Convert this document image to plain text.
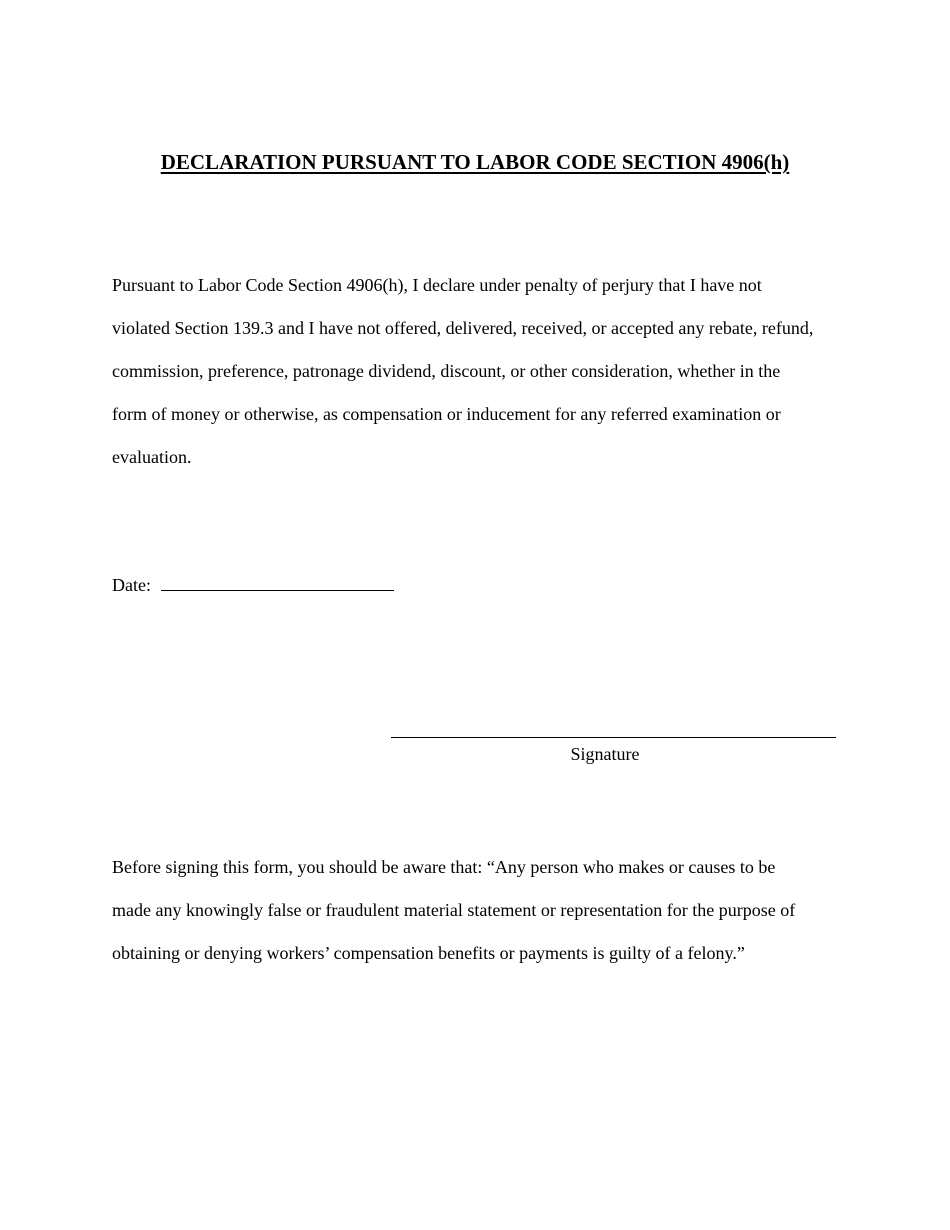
DECLARATION PURSUANT TO LABOR CODE SECTION 4906(h)

Pursuant to Labor Code Section 4906(h), I declare under penalty of perjury that I have not
violated Section 139.3 and I have not offered, delivered, received, or accepted any rebate, refund,
commission, preference, patronage dividend, discount, or other consideration, whether in the
form of money or otherwise, as compensation or inducement for any referred examination or
evaluation.

Date:
Signature

Before signing this form, you should be aware that: “Any person who makes or causes to be
made any knowingly false or fraudulent material statement or representation for the purpose of
obtaining or denying workers’ compensation benefits or payments is guilty of a felony.”
